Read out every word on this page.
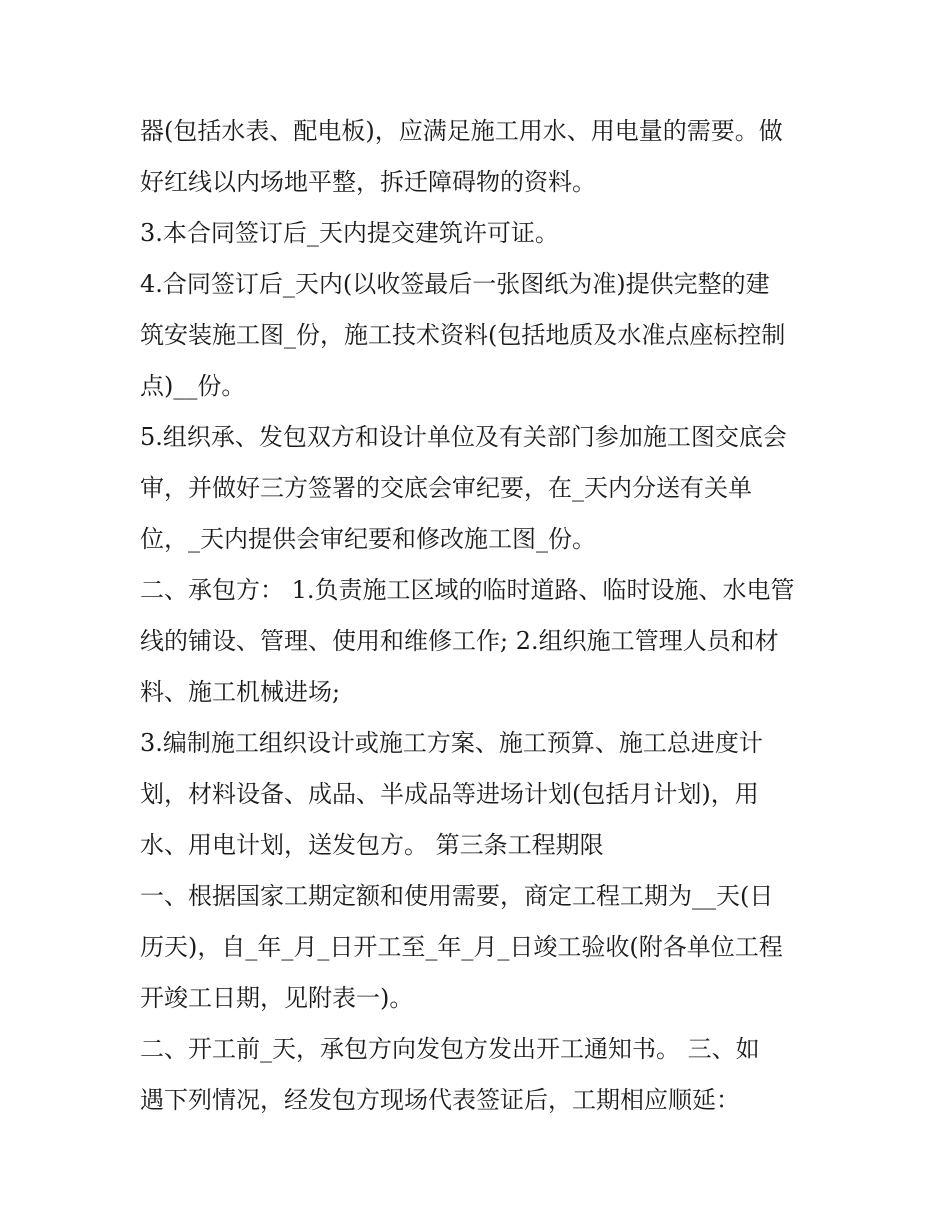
器(包括水表、配电板)，应满足施工用水、用电量的需要。做

好红线以内场地平整，拆迁障碍物的资料。

3.本合同签订后_天内提交建筑许可证。

4.合同签订后_天内(以收签最后一张图纸为准)提供完整的建

筑安装施工图_份，施工技术资料(包括地质及水准点座标控制

点)__份。

5.组织承、发包双方和设计单位及有关部门参加施工图交底会

审，并做好三方签署的交底会审纪要，在_天内分送有关单

位，_天内提供会审纪要和修改施工图_份。

二、承包方： 1.负责施工区域的临时道路、临时设施、水电管

线的铺设、管理、使用和维修工作; 2.组织施工管理人员和材

料、施工机械进场;

3.编制施工组织设计或施工方案、施工预算、施工总进度计

划，材料设备、成品、半成品等进场计划(包括月计划)，用

水、用电计划，送发包方。 第三条工程期限

一、根据国家工期定额和使用需要，商定工程工期为__天(日

历天)，自_年_月_日开工至_年_月_日竣工验收(附各单位工程

开竣工日期，见附表一)。

二、开工前_天，承包方向发包方发出开工通知书。 三、如

遇下列情况，经发包方现场代表签证后，工期相应顺延：
